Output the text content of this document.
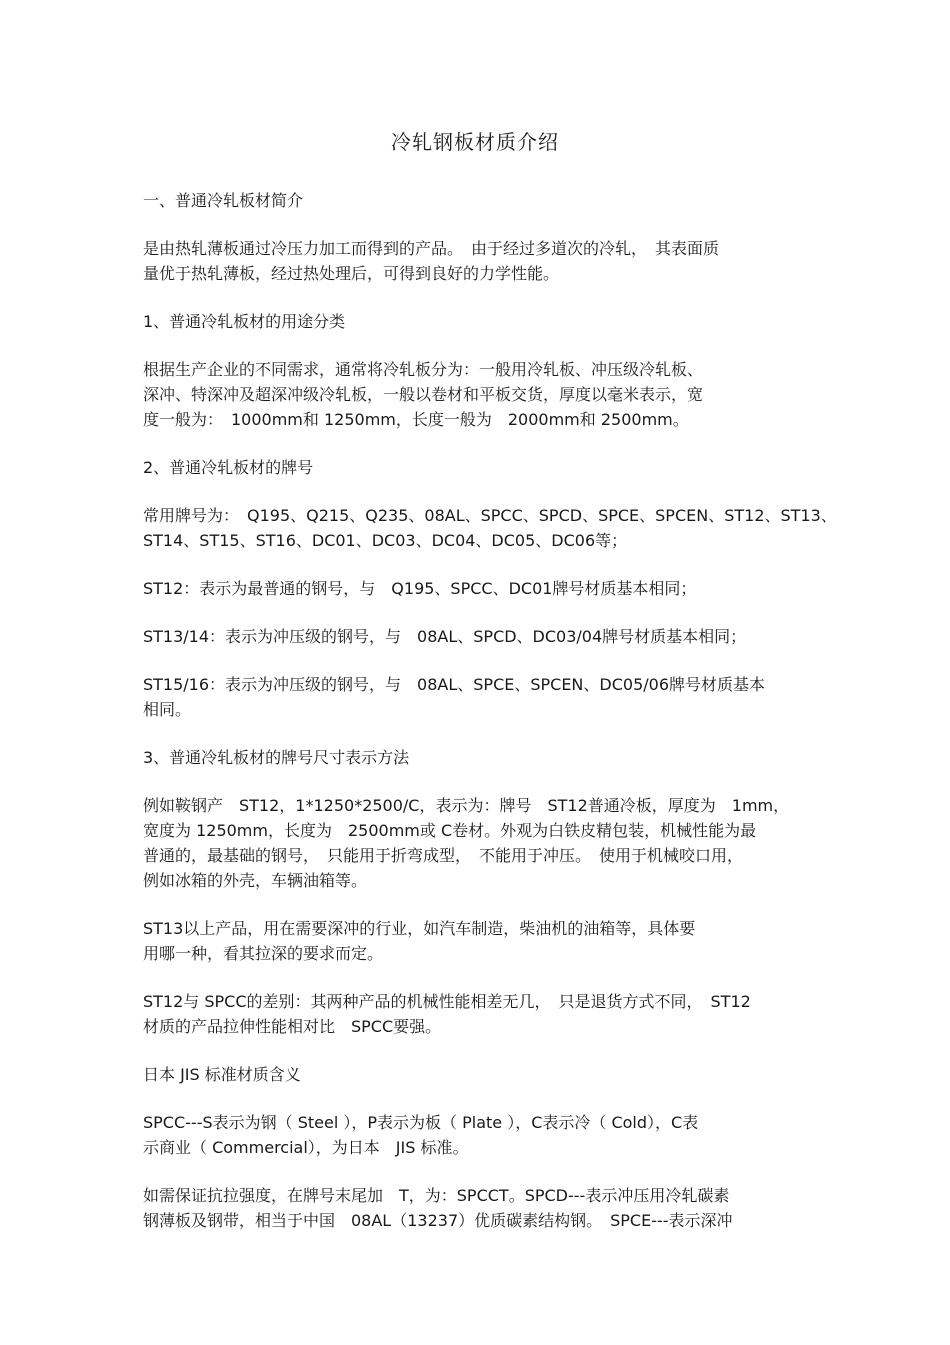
冷轧钢板材质介绍

一、普通冷轧板材简介

是由热轧薄板通过冷压力加工而得到的产品。　由于经过多道次的冷轧，　其表面质
量优于热轧薄板，经过热处理后，可得到良好的力学性能。

1、普通冷轧板材的用途分类

根据生产企业的不同需求，通常将冷轧板分为：一般用冷轧板、冲压级冷轧板、
深冲、特深冲及超深冲级冷轧板，一般以卷材和平板交货，厚度以毫米表示，宽
度一般为：　1000mm和 1250mm，长度一般为　2000mm和 2500mm。

2、普通冷轧板材的牌号

常用牌号为：　Q195、Q215、Q235、08AL、SPCC、SPCD、SPCE、SPCEN、ST12、ST13、
ST14、ST15、ST16、DC01、DC03、DC04、DC05、DC06等；

ST12：表示为最普通的钢号，与　Q195、SPCC、DC01牌号材质基本相同；

ST13/14：表示为冲压级的钢号，与　08AL、SPCD、DC03/04牌号材质基本相同；

ST15/16：表示为冲压级的钢号，与　08AL、SPCE、SPCEN、DC05/06牌号材质基本
相同。

3、普通冷轧板材的牌号尺寸表示方法

例如鞍钢产　ST12，1*1250*2500/C，表示为：牌号　ST12普通冷板，厚度为　1mm，
宽度为 1250mm，长度为　2500mm或 C卷材。外观为白铁皮精包装，机械性能为最
普通的，最基础的钢号，　只能用于折弯成型，　不能用于冲压。　使用于机械咬口用，
例如冰箱的外壳，车辆油箱等。

ST13以上产品，用在需要深冲的行业，如汽车制造，柴油机的油箱等，具体要
用哪一种，看其拉深的要求而定。

ST12与 SPCC的差别：其两种产品的机械性能相差无几，　只是退货方式不同，　ST12
材质的产品拉伸性能相对比　SPCC要强。

日本 JIS 标准材质含义

SPCC---S表示为钢（ Steel ），P表示为板（ Plate ），C表示冷（ Cold），C表
示商业（ Commercial），为日本　JIS 标准。

如需保证抗拉强度，在牌号末尾加　T，为：SPCCT。SPCD---表示冲压用冷轧碳素
钢薄板及钢带，相当于中国　08AL（13237）优质碳素结构钢。　SPCE---表示深冲
